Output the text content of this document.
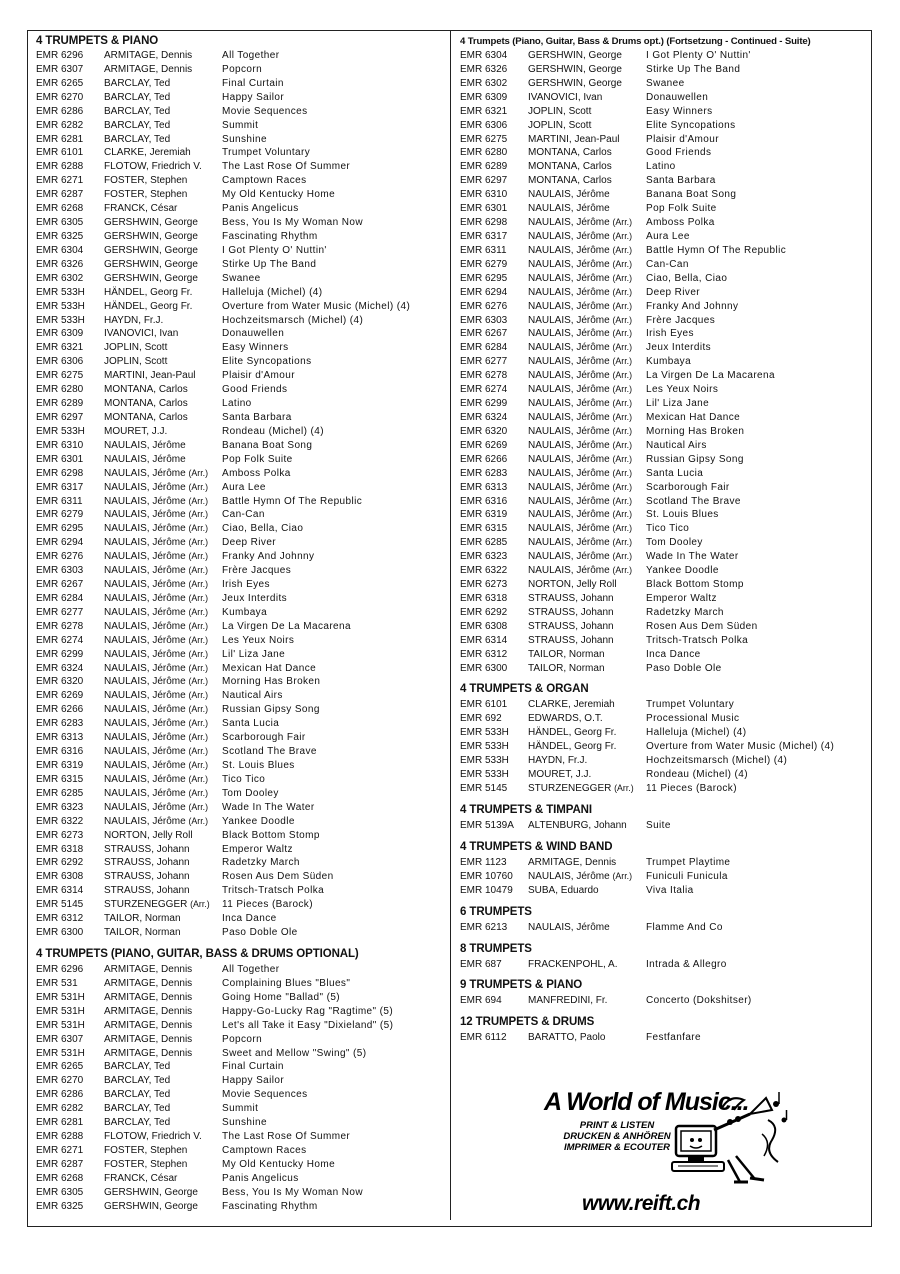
4 TRUMPETS & PIANO
EMR 6296	ARMITAGE, Dennis	All Together
EMR 6307	ARMITAGE, Dennis	Popcorn
EMR 6265	BARCLAY, Ted	Final Curtain
EMR 6270	BARCLAY, Ted	Happy Sailor
EMR 6286	BARCLAY, Ted	Movie Sequences
EMR 6282	BARCLAY, Ted	Summit
EMR 6281	BARCLAY, Ted	Sunshine
EMR 6101	CLARKE, Jeremiah	Trumpet Voluntary
EMR 6288	FLOTOW, Friedrich V.	The Last Rose Of Summer
EMR 6271	FOSTER, Stephen	Camptown Races
EMR 6287	FOSTER, Stephen	My Old Kentucky Home
EMR 6268	FRANCK, César	Panis Angelicus
EMR 6305	GERSHWIN, George	Bess, You Is My Woman Now
EMR 6325	GERSHWIN, George	Fascinating Rhythm
EMR 6304	GERSHWIN, George	I Got Plenty O' Nuttin'
EMR 6326	GERSHWIN, George	Stirke Up The Band
EMR 6302	GERSHWIN, George	Swanee
EMR 533H	HÄNDEL, Georg Fr.	Halleluja (Michel) (4)
EMR 533H	HÄNDEL, Georg Fr.	Overture from Water Music (Michel) (4)
EMR 533H	HAYDN, Fr.J.	Hochzeitsmarsch (Michel) (4)
EMR 6309	IVANOVICI, Ivan	Donauwellen
EMR 6321	JOPLIN, Scott	Easy Winners
EMR 6306	JOPLIN, Scott	Elite Syncopations
EMR 6275	MARTINI, Jean-Paul	Plaisir d'Amour
EMR 6280	MONTANA, Carlos	Good Friends
EMR 6289	MONTANA, Carlos	Latino
EMR 6297	MONTANA, Carlos	Santa Barbara
EMR 533H	MOURET, J.J.	Rondeau (Michel) (4)
EMR 6310	NAULAIS, Jérôme	Banana Boat Song
EMR 6301	NAULAIS, Jérôme	Pop Folk Suite
EMR 6298	NAULAIS, Jérôme (Arr.)	Amboss Polka
EMR 6317	NAULAIS, Jérôme (Arr.)	Aura Lee
EMR 6311	NAULAIS, Jérôme (Arr.)	Battle Hymn Of The Republic
EMR 6279	NAULAIS, Jérôme (Arr.)	Can-Can
EMR 6295	NAULAIS, Jérôme (Arr.)	Ciao, Bella, Ciao
EMR 6294	NAULAIS, Jérôme (Arr.)	Deep River
EMR 6276	NAULAIS, Jérôme (Arr.)	Franky And Johnny
EMR 6303	NAULAIS, Jérôme (Arr.)	Frère Jacques
EMR 6267	NAULAIS, Jérôme (Arr.)	Irish Eyes
EMR 6284	NAULAIS, Jérôme (Arr.)	Jeux Interdits
EMR 6277	NAULAIS, Jérôme (Arr.)	Kumbaya
EMR 6278	NAULAIS, Jérôme (Arr.)	La Virgen De La Macarena
EMR 6274	NAULAIS, Jérôme (Arr.)	Les Yeux Noirs
EMR 6299	NAULAIS, Jérôme (Arr.)	Lil' Liza Jane
EMR 6324	NAULAIS, Jérôme (Arr.)	Mexican Hat Dance
EMR 6320	NAULAIS, Jérôme (Arr.)	Morning Has Broken
EMR 6269	NAULAIS, Jérôme (Arr.)	Nautical Airs
EMR 6266	NAULAIS, Jérôme (Arr.)	Russian Gipsy Song
EMR 6283	NAULAIS, Jérôme (Arr.)	Santa Lucia
EMR 6313	NAULAIS, Jérôme (Arr.)	Scarborough Fair
EMR 6316	NAULAIS, Jérôme (Arr.)	Scotland The Brave
EMR 6319	NAULAIS, Jérôme (Arr.)	St. Louis Blues
EMR 6315	NAULAIS, Jérôme (Arr.)	Tico Tico
EMR 6285	NAULAIS, Jérôme (Arr.)	Tom Dooley
EMR 6323	NAULAIS, Jérôme (Arr.)	Wade In The Water
EMR 6322	NAULAIS, Jérôme (Arr.)	Yankee Doodle
EMR 6273	NORTON, Jelly Roll	Black Bottom Stomp
EMR 6318	STRAUSS, Johann	Emperor Waltz
EMR 6292	STRAUSS, Johann	Radetzky March
EMR 6308	STRAUSS, Johann	Rosen Aus Dem Süden
EMR 6314	STRAUSS, Johann	Tritsch-Tratsch Polka
EMR 5145	STURZENEGGER (Arr.)	11 Pieces (Barock)
EMR 6312	TAILOR, Norman	Inca Dance
EMR 6300	TAILOR, Norman	Paso Doble Ole
4 TRUMPETS (PIANO, GUITAR, BASS & DRUMS OPTIONAL)
EMR 6296	ARMITAGE, Dennis	All Together
EMR 531	ARMITAGE, Dennis	Complaining Blues "Blues"
EMR 531H	ARMITAGE, Dennis	Going Home "Ballad" (5)
EMR 531H	ARMITAGE, Dennis	Happy-Go-Lucky Rag "Ragtime" (5)
EMR 531H	ARMITAGE, Dennis	Let's all Take it Easy "Dixieland" (5)
EMR 6307	ARMITAGE, Dennis	Popcorn
EMR 531H	ARMITAGE, Dennis	Sweet and Mellow "Swing" (5)
EMR 6265	BARCLAY, Ted	Final Curtain
EMR 6270	BARCLAY, Ted	Happy Sailor
EMR 6286	BARCLAY, Ted	Movie Sequences
EMR 6282	BARCLAY, Ted	Summit
EMR 6281	BARCLAY, Ted	Sunshine
EMR 6288	FLOTOW, Friedrich V.	The Last Rose Of Summer
EMR 6271	FOSTER, Stephen	Camptown Races
EMR 6287	FOSTER, Stephen	My Old Kentucky Home
EMR 6268	FRANCK, César	Panis Angelicus
EMR 6305	GERSHWIN, George	Bess, You Is My Woman Now
EMR 6325	GERSHWIN, George	Fascinating Rhythm
4 Trumpets (Piano, Guitar, Bass & Drums opt.) (Fortsetzung - Continued - Suite)
EMR 6304	GERSHWIN, George	I Got Plenty O' Nuttin'
EMR 6326	GERSHWIN, George	Stirke Up The Band
EMR 6302	GERSHWIN, George	Swanee
EMR 6309	IVANOVICI, Ivan	Donauwellen
EMR 6321	JOPLIN, Scott	Easy Winners
EMR 6306	JOPLIN, Scott	Elite Syncopations
EMR 6275	MARTINI, Jean-Paul	Plaisir d'Amour
EMR 6280	MONTANA, Carlos	Good Friends
EMR 6289	MONTANA, Carlos	Latino
EMR 6297	MONTANA, Carlos	Santa Barbara
EMR 6310	NAULAIS, Jérôme	Banana Boat Song
EMR 6301	NAULAIS, Jérôme	Pop Folk Suite
EMR 6298	NAULAIS, Jérôme (Arr.)	Amboss Polka
EMR 6317	NAULAIS, Jérôme (Arr.)	Aura Lee
EMR 6311	NAULAIS, Jérôme (Arr.)	Battle Hymn Of The Republic
EMR 6279	NAULAIS, Jérôme (Arr.)	Can-Can
EMR 6295	NAULAIS, Jérôme (Arr.)	Ciao, Bella, Ciao
EMR 6294	NAULAIS, Jérôme (Arr.)	Deep River
EMR 6276	NAULAIS, Jérôme (Arr.)	Franky And Johnny
EMR 6303	NAULAIS, Jérôme (Arr.)	Frère Jacques
EMR 6267	NAULAIS, Jérôme (Arr.)	Irish Eyes
EMR 6284	NAULAIS, Jérôme (Arr.)	Jeux Interdits
EMR 6277	NAULAIS, Jérôme (Arr.)	Kumbaya
EMR 6278	NAULAIS, Jérôme (Arr.)	La Virgen De La Macarena
EMR 6274	NAULAIS, Jérôme (Arr.)	Les Yeux Noirs
EMR 6299	NAULAIS, Jérôme (Arr.)	Lil' Liza Jane
EMR 6324	NAULAIS, Jérôme (Arr.)	Mexican Hat Dance
EMR 6320	NAULAIS, Jérôme (Arr.)	Morning Has Broken
EMR 6269	NAULAIS, Jérôme (Arr.)	Nautical Airs
EMR 6266	NAULAIS, Jérôme (Arr.)	Russian Gipsy Song
EMR 6283	NAULAIS, Jérôme (Arr.)	Santa Lucia
EMR 6313	NAULAIS, Jérôme (Arr.)	Scarborough Fair
EMR 6316	NAULAIS, Jérôme (Arr.)	Scotland The Brave
EMR 6319	NAULAIS, Jérôme (Arr.)	St. Louis Blues
EMR 6315	NAULAIS, Jérôme (Arr.)	Tico Tico
EMR 6285	NAULAIS, Jérôme (Arr.)	Tom Dooley
EMR 6323	NAULAIS, Jérôme (Arr.)	Wade In The Water
EMR 6322	NAULAIS, Jérôme (Arr.)	Yankee Doodle
EMR 6273	NORTON, Jelly Roll	Black Bottom Stomp
EMR 6318	STRAUSS, Johann	Emperor Waltz
EMR 6292	STRAUSS, Johann	Radetzky March
EMR 6308	STRAUSS, Johann	Rosen Aus Dem Süden
EMR 6314	STRAUSS, Johann	Tritsch-Tratsch Polka
EMR 6312	TAILOR, Norman	Inca Dance
EMR 6300	TAILOR, Norman	Paso Doble Ole
4 TRUMPETS & ORGAN
EMR 6101	CLARKE, Jeremiah	Trumpet Voluntary
EMR 692	EDWARDS, O.T.	Processional Music
EMR 533H	HÄNDEL, Georg Fr.	Halleluja (Michel) (4)
EMR 533H	HÄNDEL, Georg Fr.	Overture from Water Music (Michel) (4)
EMR 533H	HAYDN, Fr.J.	Hochzeitsmarsch (Michel) (4)
EMR 533H	MOURET, J.J.	Rondeau (Michel) (4)
EMR 5145	STURZENEGGER (Arr.)	11 Pieces (Barock)
4 TRUMPETS & TIMPANI
EMR 5139A	ALTENBURG, Johann	Suite
4 TRUMPETS & WIND BAND
EMR 1123	ARMITAGE, Dennis	Trumpet Playtime
EMR 10760	NAULAIS, Jérôme (Arr.)	Funiculi Funicula
EMR 10479	SUBA, Eduardo	Viva Italia
6 TRUMPETS
EMR 6213	NAULAIS, Jérôme	Flamme And Co
8 TRUMPETS
EMR 687	FRACKENPOHL, A.	Intrada & Allegro
9 TRUMPETS & PIANO
EMR 694	MANFREDINI, Fr.	Concerto (Dokshitser)
12 TRUMPETS & DRUMS
EMR 6112	BARATTO, Paolo	Festfanfare
A World of Music...
PRINT & LISTEN
DRUCKEN & ANHÖREN
IMPRIMER & ECOUTER
www.reift.ch
